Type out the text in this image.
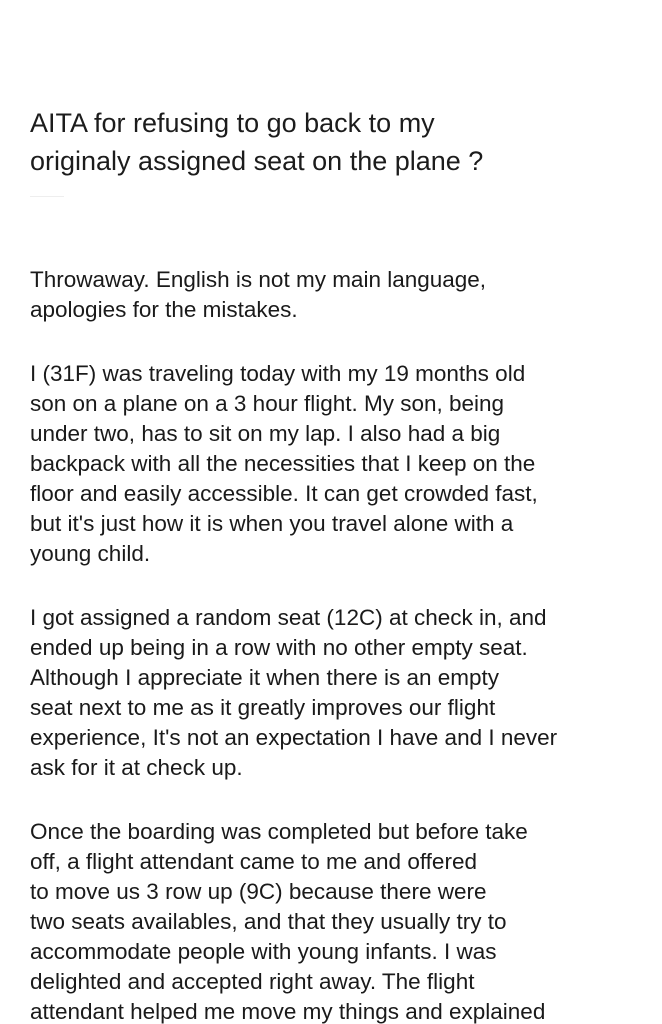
AITA for refusing to go back to my
originaly assigned seat on the plane ?

Throwaway. English is not my main language,
apologies for the mistakes.

I (31F) was traveling today with my 19 months old
son on a plane on a 3 hour flight. My son, being
under two, has to sit on my lap. I also had a big
backpack with all the necessities that I keep on the
floor and easily accessible. It can get crowded fast,
but it's just how it is when you travel alone with a
young child.

I got assigned a random seat (12C) at check in, and
ended up being in a row with no other empty seat.
Although I appreciate it when there is an empty
seat next to me as it greatly improves our flight
experience, It's not an expectation I have and I never
ask for it at check up.

Once the boarding was completed but before take
off, a flight attendant came to me and offered
to move us 3 row up (9C) because there were
two seats availables, and that they usually try to
accommodate people with young infants. I was
delighted and accepted right away. The flight
attendant helped me move my things and explained
